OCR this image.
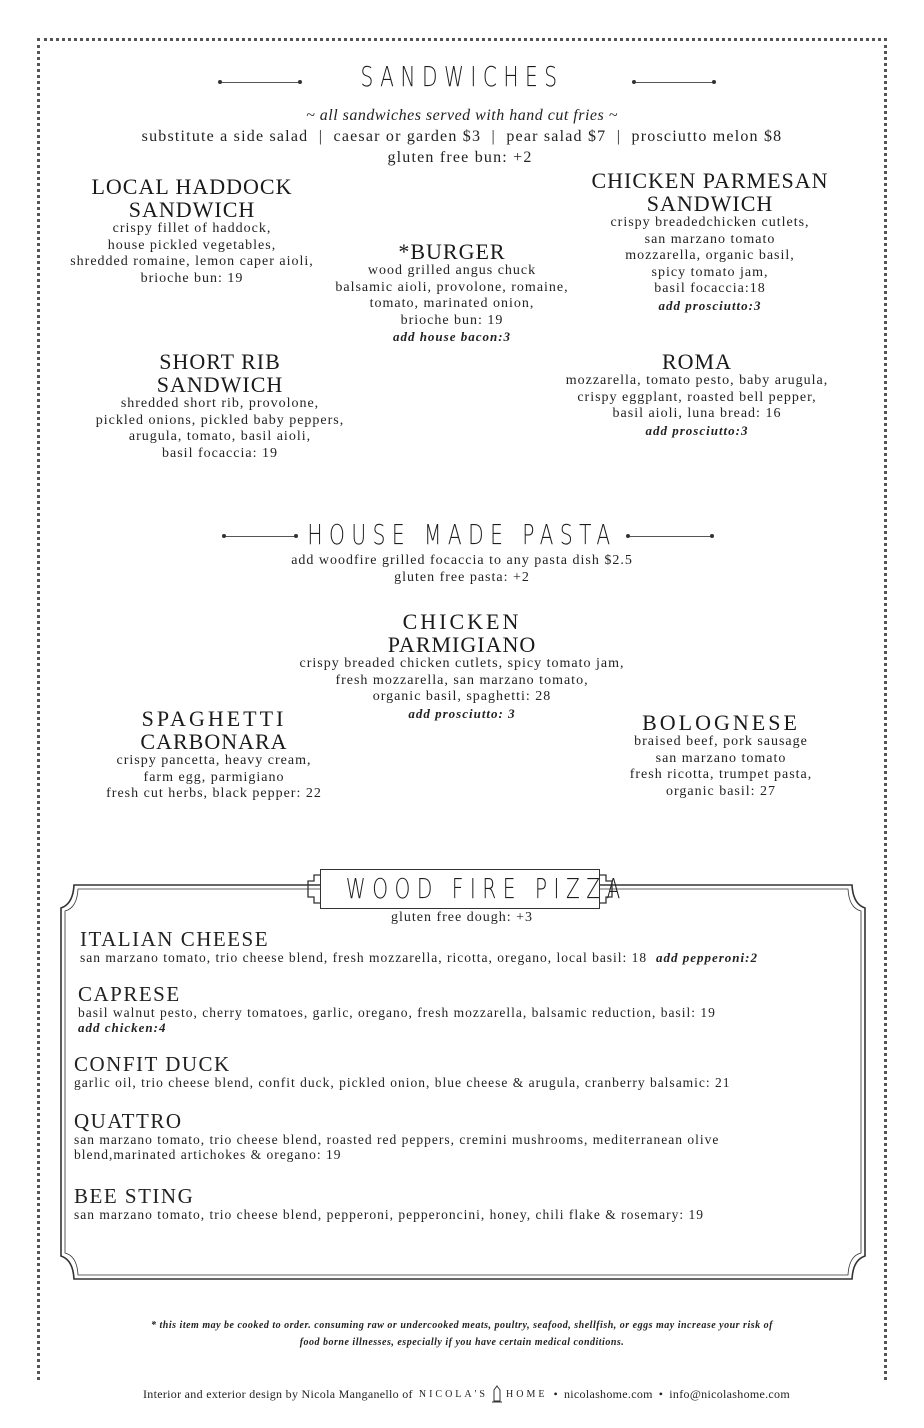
SANDWICHES
~ all sandwiches served with hand cut fries ~
substitute a side salad  |  caesar or garden $3  |  pear salad $7  |  prosciutto melon $8
gluten free bun: +2
LOCAL HADDOCK
SANDWICH
crispy fillet of haddock,
house pickled vegetables,
shredded romaine, lemon caper aioli,
brioche bun: 19
*BURGER
wood grilled angus chuck
balsamic aioli, provolone, romaine,
tomato, marinated onion,
brioche bun: 19
add house bacon:3
CHICKEN PARMESAN
SANDWICH
crispy breadedchicken cutlets,
san marzano tomato
mozzarella, organic basil,
spicy tomato jam,
basil focaccia:18
add prosciutto:3
SHORT RIB
SANDWICH
shredded short rib, provolone,
pickled onions, pickled baby peppers,
arugula, tomato, basil aioli,
basil focaccia: 19
ROMA
mozzarella, tomato pesto, baby arugula,
crispy eggplant, roasted bell pepper,
basil aioli, luna bread: 16
add prosciutto:3
HOUSE MADE PASTA
add woodfire grilled focaccia to any pasta dish $2.5
gluten free pasta: +2
CHICKEN
PARMIGIANO
crispy breaded chicken cutlets, spicy tomato jam,
fresh mozzarella, san marzano tomato,
organic basil, spaghetti: 28
add prosciutto: 3
SPAGHETTI
CARBONARA
crispy pancetta, heavy cream,
farm egg, parmigiano
fresh cut herbs, black pepper: 22
BOLOGNESE
braised beef, pork sausage
san marzano tomato
fresh ricotta, trumpet pasta,
organic basil: 27
WOOD FIRE PIZZA
gluten free dough: +3
ITALIAN CHEESE
san marzano tomato, trio cheese blend, fresh mozzarella, ricotta, oregano, local basil: 18 add pepperoni:2
CAPRESE
basil walnut pesto, cherry tomatoes, garlic, oregano, fresh mozzarella, balsamic reduction, basil: 19
add chicken:4
CONFIT DUCK
garlic oil, trio cheese blend, confit duck, pickled onion, blue cheese & arugula, cranberry balsamic: 21
QUATTRO
san marzano tomato, trio cheese blend, roasted red peppers, cremini mushrooms, mediterranean olive
blend,marinated artichokes & oregano: 19
BEE STING
san marzano tomato, trio cheese blend, pepperoni, pepperoncini, honey, chili flake & rosemary: 19
* this item may be cooked to order. consuming raw or undercooked meats, poultry, seafood, shellfish, or eggs may increase your risk of
food borne illnesses, especially if you have certain medical conditions.
Interior and exterior design by Nicola Manganello of NICOLA'S HOME • nicolashome.com • info@nicolashome.com
